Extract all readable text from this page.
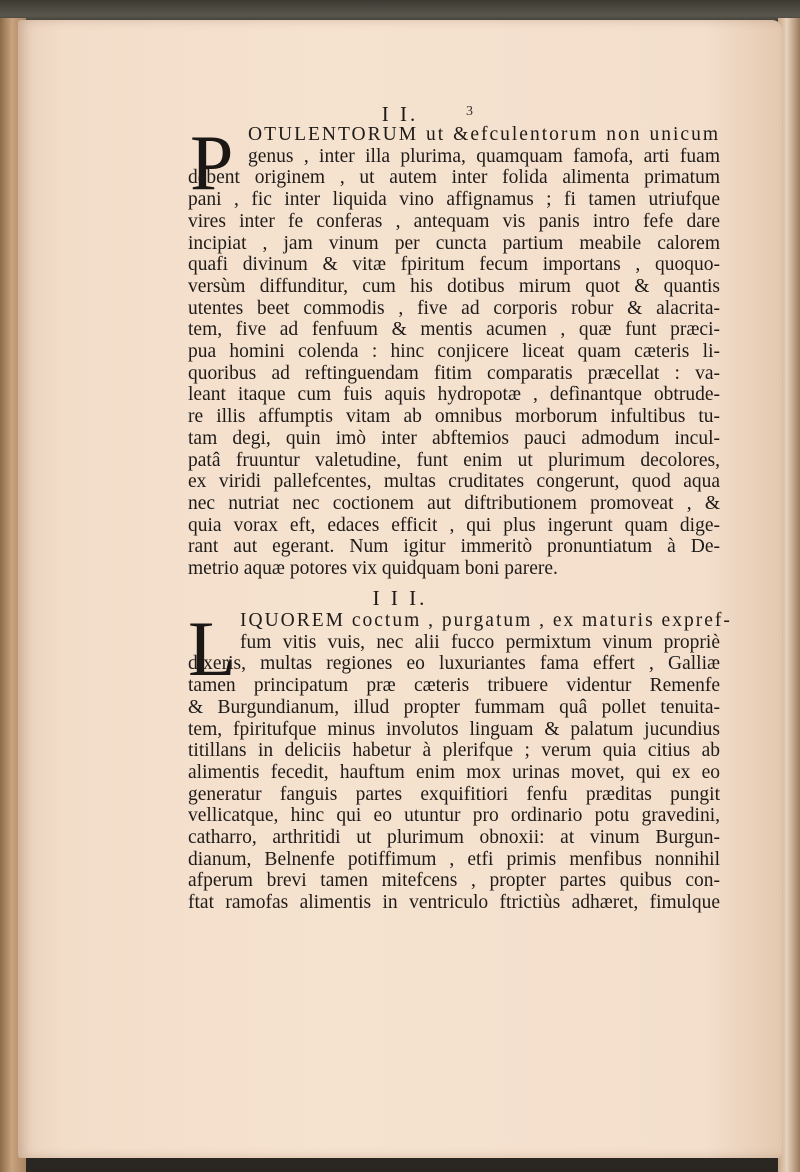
3
I I.
P OTULENTORUM ut &efculentorum non unicum
genus , inter illa plurima, quamquam famofa, arti fuam
debent originem , ut autem inter folida alimenta primatum
pani , fic inter liquida vino affignamus ; fi tamen utriufque
vires inter fe conferas , antequam vis panis intro fefe dare
incipiat , jam vinum per cuncta partium meabile calorem
quafi divinum & vitæ fpiritum fecum importans , quoquo-
versùm diffunditur, cum his dotibus mirum quot & quantis
utentes beet commodis , five ad corporis robur & alacrita-
tem, five ad fenfuum & mentis acumen , quæ funt præci-
pua homini colenda : hinc conjicere liceat quam cæteris li-
quoribus ad reftinguendam fitim comparatis præcellat : va-
leant itaque cum fuis aquis hydropotæ , defìnantque obtrude-
re illis affumptis vitam ab omnibus morborum infultibus tu-
tam degi, quin imò inter abftemios pauci admodum incul-
patâ fruuntur valetudine, funt enim ut plurimum decolores,
ex viridi pallefcentes, multas cruditates congerunt, quod aqua
nec nutriat nec coctionem aut diftributionem promoveat , &
quia vorax eft, edaces efficit , qui plus ingerunt quam dige-
rant aut egerant. Num igitur immeritò pronuntiatum à De-
metrio aquæ potores vix quidquam boni parere.
I I I.
L IQUOREM coctum , purgatum , ex maturis expref-
fum vitis vuis, nec alii fucco permixtum vinum propriè
dixeris, multas regiones eo luxuriantes fama effert , Galliæ
tamen principatum præ cæteris tribuere videntur Remenfe
& Burgundianum, illud propter fummam quâ pollet tenuita-
tem, fpiritufque minus involutos linguam & palatum jucundius
titillans in deliciis habetur à plerifque ; verum quia citius ab
alimentis fecedit, hauftum enim mox urinas movet, qui ex eo
generatur fanguis partes exquifitiori fenfu præditas pungit
vellicatque, hinc qui eo utuntur pro ordinario potu gravedini,
catharro, arthritidi ut plurimum obnoxii: at vinum Burgun-
dianum, Belnenfe potiffimum , etfi primis menfibus nonnihil
afperum brevi tamen mitefcens , propter partes quibus con-
ftat ramofas alimentis in ventriculo ftrictiùs adhæret, fimulque
